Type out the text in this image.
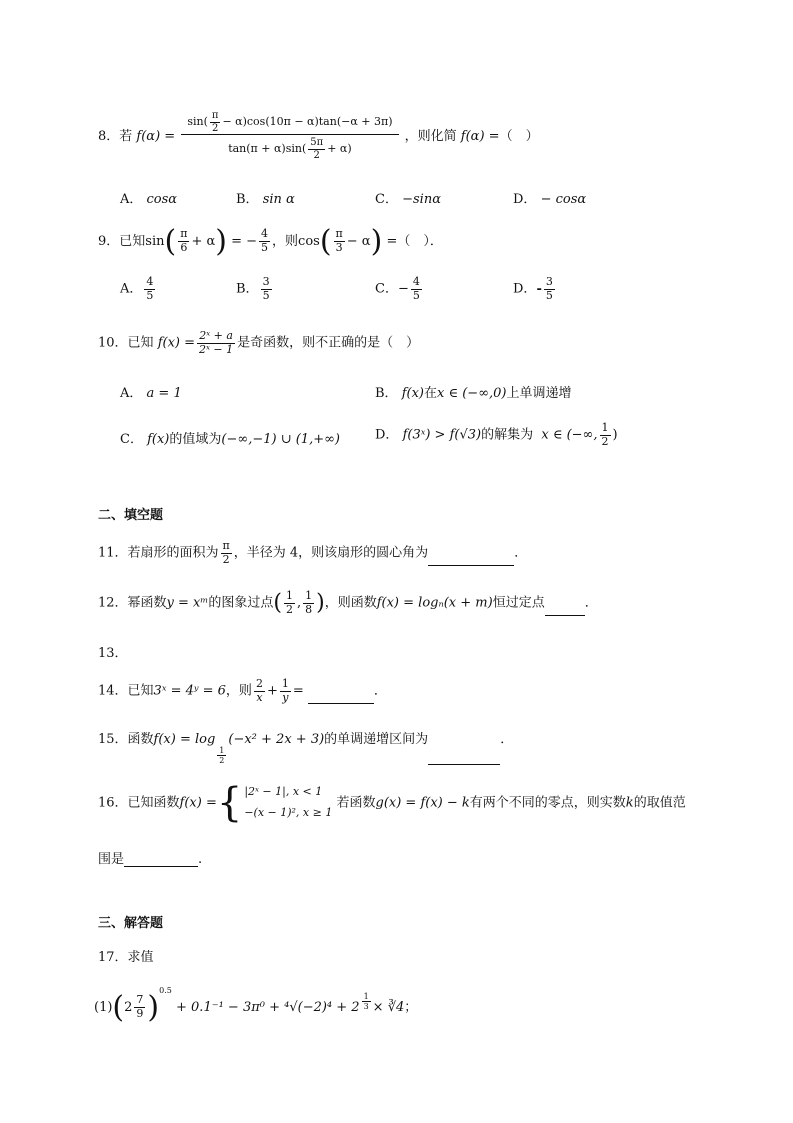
8．若 $f(\alpha) = \frac{\sin( \frac{\pi}{2} - \alpha)\cos(10\pi - \alpha)\tan(-\alpha + 3\pi)}{\tan(\pi + \alpha)\sin( \frac{5\pi}{2} + \alpha)}$ ，则化简 f(α) =（　）
A． cosα	B． sin α	C． −sinα	D． − cosα
9．已知$\sin( \frac{\pi}{6} + \alpha)$ = − $\frac{4}{5}$ ，则$\cos( \frac{\pi}{3} - \alpha)$ =（　）．
A． $\frac{4}{5}$	B． $\frac{3}{5}$	C．− $\frac{4}{5}$	D．- $\frac{3}{5}$
10．已知 $f(x) = \frac{\text{2ˣ + a}}{\text{2ˣ − 1}}$ 是奇函数，则不正确的是（　）
A． a = 1	B． f(x)在x ∈ (−∞,0)上单调递增
C． f(x)的值域为(−∞,−1) ∪ (1,+∞)	D． f(3ˣ) > f(√3)的解集为 x ∈ (−∞, $\frac{1}{2}$ )
二、填空题
11．若扇形的面积为 $\frac{\pi}{2}$ ，半径为 4，则该扇形的圆心角为	．
12．幂函数y = xᵐ的图象过点( $\frac{1}{2}$ , $\frac{1}{8}$ )，则函数f(x) = logₙ(x + m)恒过定点	．
13．
14．已知3ˣ = 4ʸ = 6，则 $\frac{2}{x} + \frac{1}{y}$ =	．
15．函数f(x) = log
$\frac{1}{2}$
(−x² + 2x + 3)的单调递增区间为	．
16．已知函数f(x) ={ |2ˣ − 1|, x < 1
−(x − 1)², x ≥ 1
若函数g(x) = f(x) − k有两个不同的零点，则实数k的取值范
围是	.
三、解答题
17．求值
$(1)(2 \frac{7}{9} )^{0.5} + 0.1^{-1} - 3\pi^0 + ^4√(-2)^4 + 2 \frac{1}{3}$ × ∛4；
